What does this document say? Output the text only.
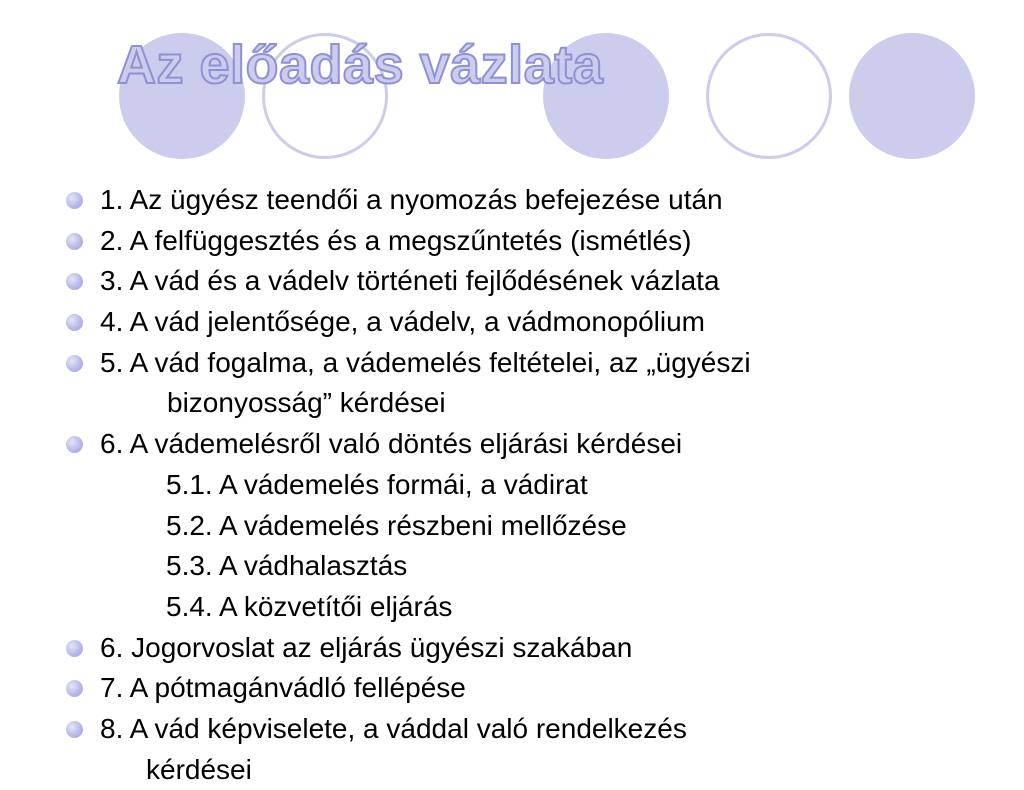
Az előadás vázlata
1. Az ügyész teendői a nyomozás befejezése után
2. A felfüggesztés és a megszűntetés (ismétlés)
3. A vád és a vádelv történeti fejlődésének vázlata
4. A vád jelentősége, a vádelv, a vádmonopólium
5. A vád fogalma, a vádemelés feltételei, az „ügyészi
bizonyosság” kérdései
6. A vádemelésről való döntés eljárási kérdései
5.1. A vádemelés formái, a vádirat
5.2. A vádemelés részbeni mellőzése
5.3. A vádhalasztás
5.4. A közvetítői eljárás
6. Jogorvoslat az eljárás ügyészi szakában
7. A pótmagánvádló fellépése
8. A vád képviselete, a váddal való rendelkezés
kérdései
